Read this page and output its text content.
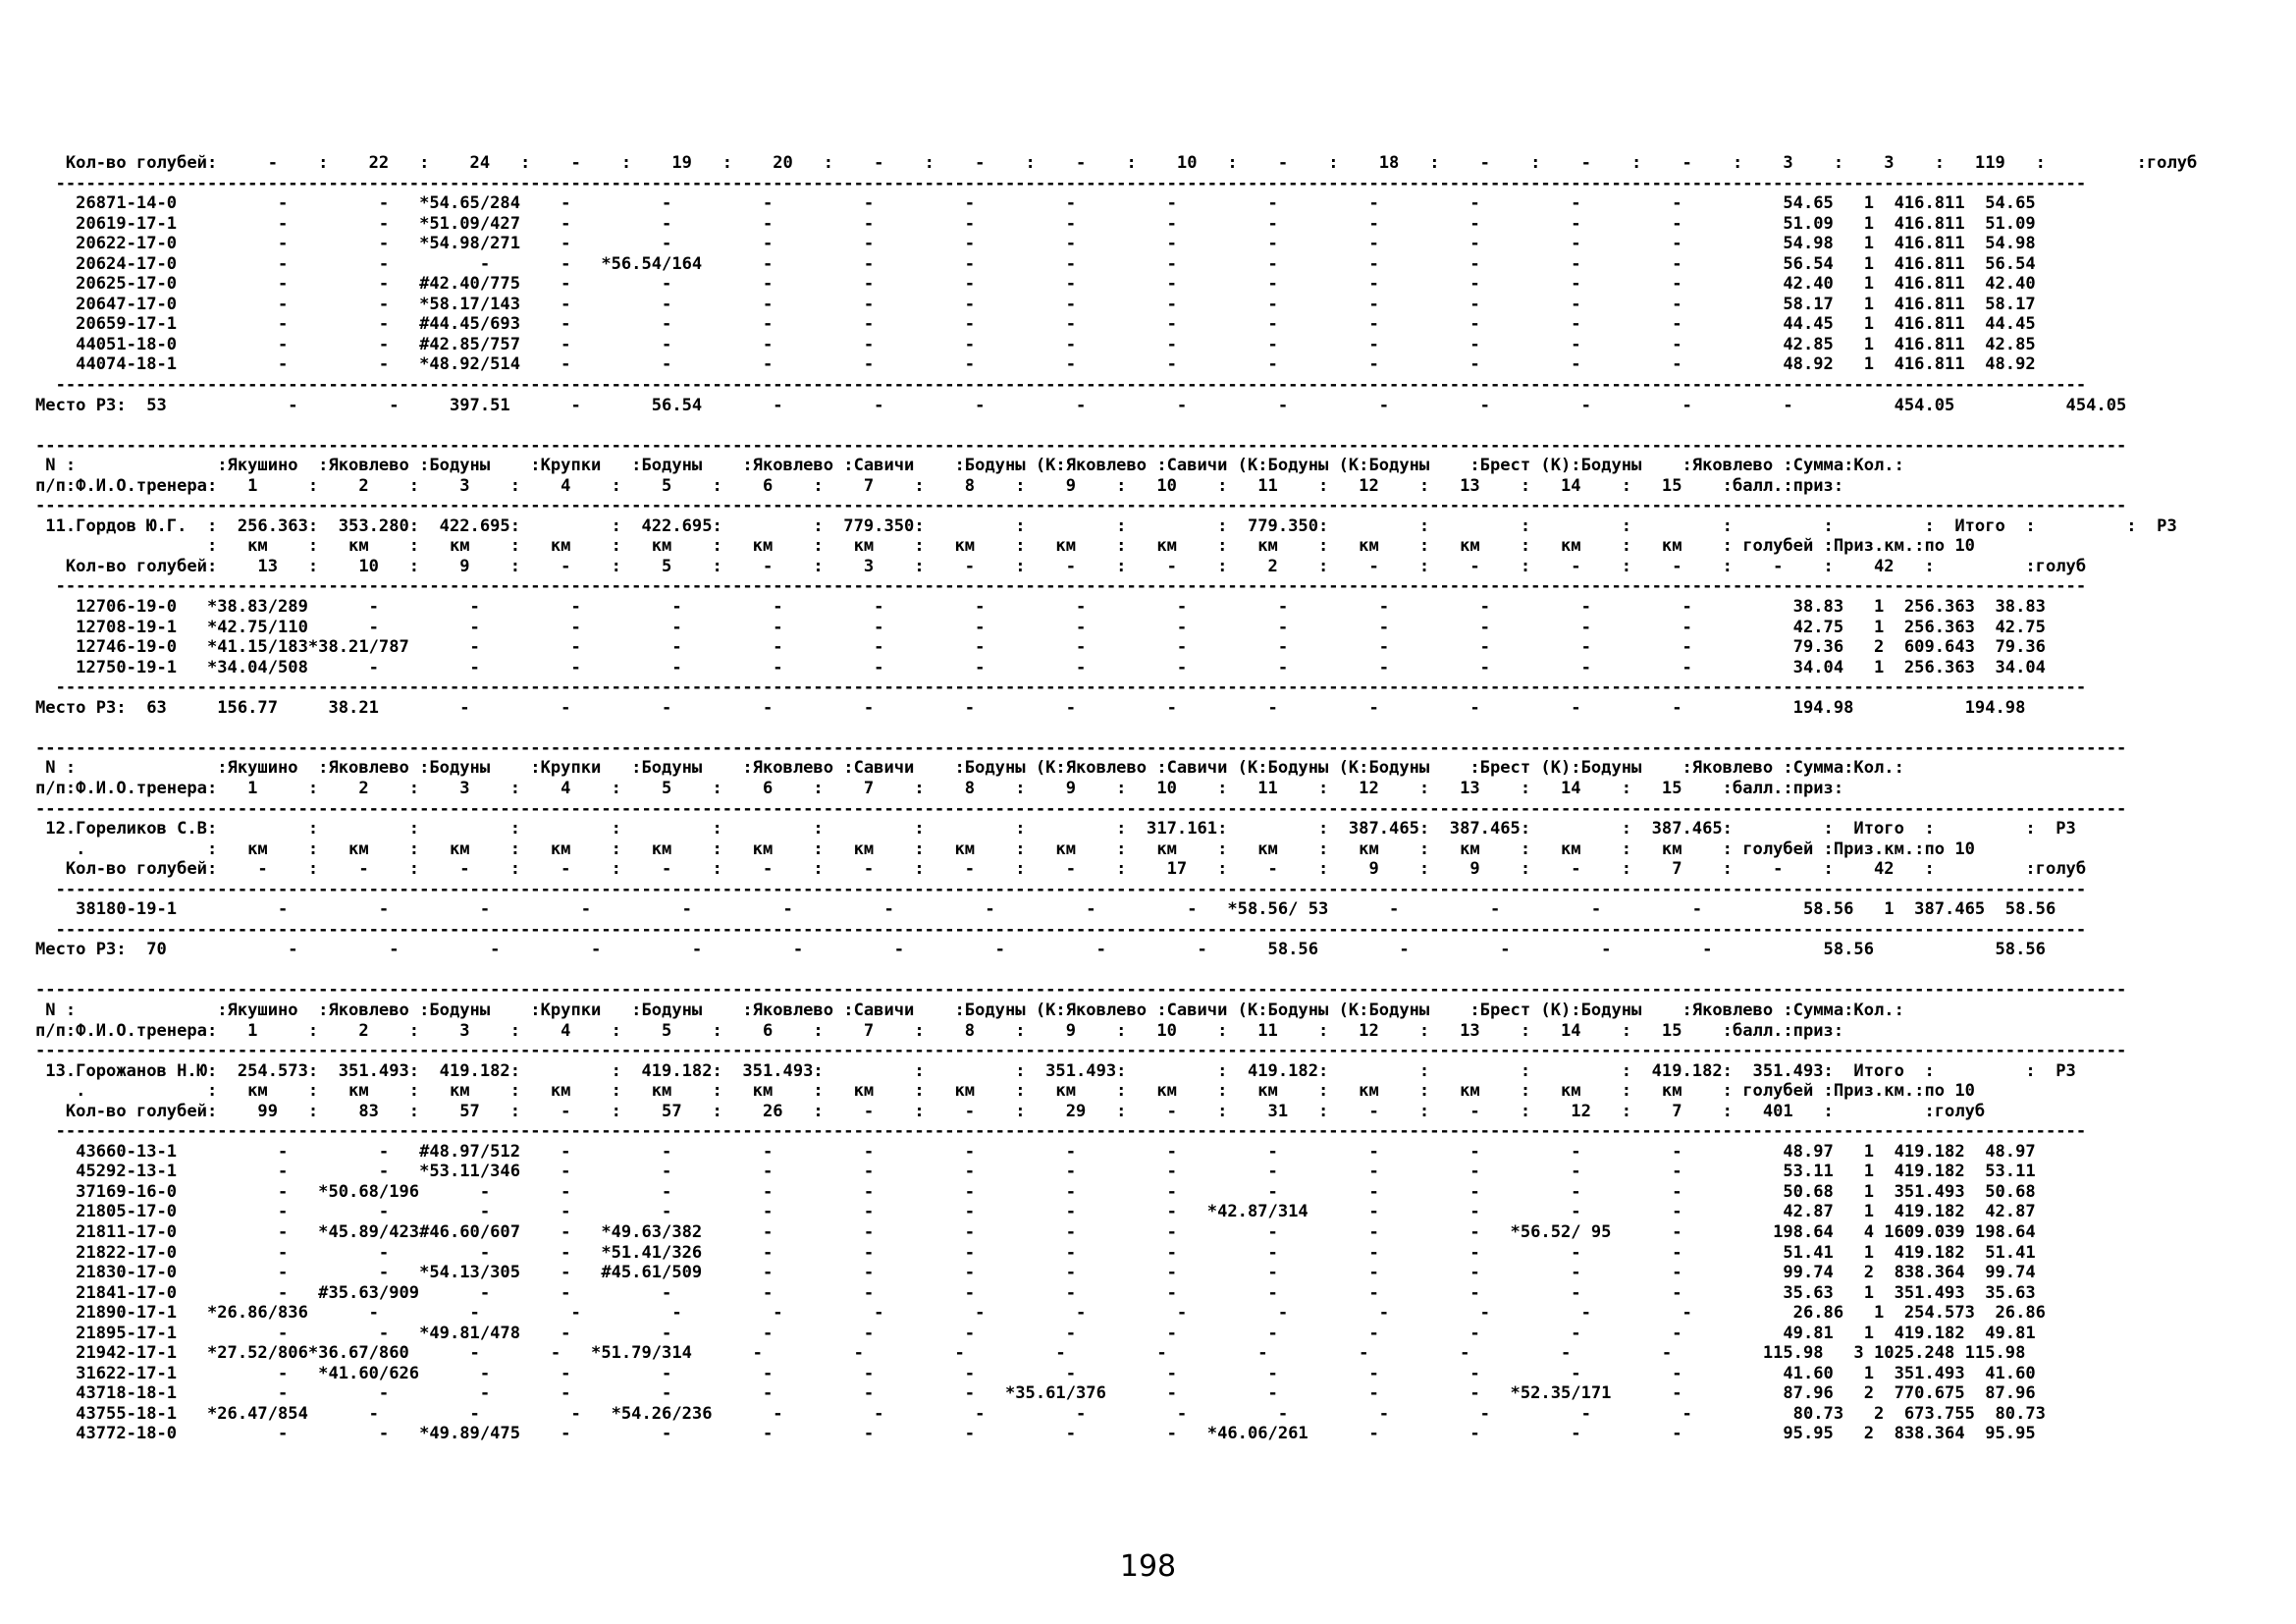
Кол-во голубей:     -    :    22   :    24   :    -    :    19   :    20   :    -    :    -    :    -    :    10   :    -    :    18   :    -    :    -    :    -    :    3    :    3    :   119   :         :голуб
---------------------------------------------------------------------------------------------------------------------------------------------------------------------------------------------------------
26871-14-0          -         -   *54.65/284    -         -         -         -         -         -         -         -         -         -         -         -          54.65   1  416.811  54.65
20619-17-1          -         -   *51.09/427    -         -         -         -         -         -         -         -         -         -         -         -          51.09   1  416.811  51.09
20622-17-0          -         -   *54.98/271    -         -         -         -         -         -         -         -         -         -         -         -          54.98   1  416.811  54.98
20624-17-0          -         -         -       -   *56.54/164      -         -         -         -         -         -         -         -         -         -          56.54   1  416.811  56.54
20625-17-0          -         -   #42.40/775    -         -         -         -         -         -         -         -         -         -         -         -          42.40   1  416.811  42.40
20647-17-0          -         -   *58.17/143    -         -         -         -         -         -         -         -         -         -         -         -          58.17   1  416.811  58.17
20659-17-1          -         -   #44.45/693    -         -         -         -         -         -         -         -         -         -         -         -          44.45   1  416.811  44.45
44051-18-0          -         -   #42.85/757    -         -         -         -         -         -         -         -         -         -         -         -          42.85   1  416.811  42.85
44074-18-1          -         -   *48.92/514    -         -         -         -         -         -         -         -         -         -         -         -          48.92   1  416.811  48.92
---------------------------------------------------------------------------------------------------------------------------------------------------------------------------------------------------------
Место РЗ:  53            -         -     397.51      -       56.54       -         -         -         -         -         -         -         -         -         -         -          454.05           454.05

---------------------------------------------------------------------------------------------------------------------------------------------------------------------------------------------------------------
N :              :Якушино  :Яковлево :Бодуны    :Крупки   :Бодуны    :Яковлево :Савичи    :Бодуны (К:Яковлево :Савичи (К:Бодуны (К:Бодуны    :Брест (К):Бодуны    :Яковлево :Сумма:Кол.:
п/п:Ф.И.О.тренера:   1     :    2    :    3    :    4    :    5    :    6    :    7    :    8    :    9    :   10    :   11    :   12    :   13    :   14    :   15    :балл.:приз:
---------------------------------------------------------------------------------------------------------------------------------------------------------------------------------------------------------------
11.Гордов Ю.Г.  :  256.363:  353.280:  422.695:         :  422.695:         :  779.350:         :         :         :  779.350:         :         :         :         :         :         :  Итого  :         :  РЗ
:   км    :   км    :   км    :   км    :   км    :   км    :   км    :   км    :   км    :   км    :   км    :   км    :   км    :   км    :   км    : голубей :Приз.км.:по 10
Кол-во голубей:    13   :    10   :    9    :    -    :    5    :    -    :    3    :    -    :    -    :    -    :    2    :    -    :    -    :    -    :    -    :    -    :    42   :         :голуб
---------------------------------------------------------------------------------------------------------------------------------------------------------------------------------------------------------
12706-19-0   *38.83/289      -         -         -         -         -         -         -         -         -         -         -         -         -         -          38.83   1  256.363  38.83
12708-19-1   *42.75/110      -         -         -         -         -         -         -         -         -         -         -         -         -         -          42.75   1  256.363  42.75
12746-19-0   *41.15/183*38.21/787      -         -         -         -         -         -         -         -         -         -         -         -         -          79.36   2  609.643  79.36
12750-19-1   *34.04/508      -         -         -         -         -         -         -         -         -         -         -         -         -         -          34.04   1  256.363  34.04
---------------------------------------------------------------------------------------------------------------------------------------------------------------------------------------------------------
Место РЗ:  63     156.77     38.21        -         -         -         -         -         -         -         -         -         -         -         -         -           194.98           194.98

---------------------------------------------------------------------------------------------------------------------------------------------------------------------------------------------------------------
N :              :Якушино  :Яковлево :Бодуны    :Крупки   :Бодуны    :Яковлево :Савичи    :Бодуны (К:Яковлево :Савичи (К:Бодуны (К:Бодуны    :Брест (К):Бодуны    :Яковлево :Сумма:Кол.:
п/п:Ф.И.О.тренера:   1     :    2    :    3    :    4    :    5    :    6    :    7    :    8    :    9    :   10    :   11    :   12    :   13    :   14    :   15    :балл.:приз:
---------------------------------------------------------------------------------------------------------------------------------------------------------------------------------------------------------------
12.Гореликов С.В:         :         :         :         :         :         :         :         :         :  317.161:         :  387.465:  387.465:         :  387.465:         :  Итого  :         :  РЗ
.            :   км    :   км    :   км    :   км    :   км    :   км    :   км    :   км    :   км    :   км    :   км    :   км    :   км    :   км    :   км    : голубей :Приз.км.:по 10
Кол-во голубей:    -    :    -    :    -    :    -    :    -    :    -    :    -    :    -    :    -    :    17   :    -    :    9    :    9    :    -    :    7    :    -    :    42   :         :голуб
---------------------------------------------------------------------------------------------------------------------------------------------------------------------------------------------------------
38180-19-1          -         -         -         -         -         -         -         -         -         -   *58.56/ 53      -         -         -         -          58.56   1  387.465  58.56
---------------------------------------------------------------------------------------------------------------------------------------------------------------------------------------------------------
Место РЗ:  70            -         -         -         -         -         -         -         -         -         -      58.56        -         -         -         -           58.56            58.56

---------------------------------------------------------------------------------------------------------------------------------------------------------------------------------------------------------------
N :              :Якушино  :Яковлево :Бодуны    :Крупки   :Бодуны    :Яковлево :Савичи    :Бодуны (К:Яковлево :Савичи (К:Бодуны (К:Бодуны    :Брест (К):Бодуны    :Яковлево :Сумма:Кол.:
п/п:Ф.И.О.тренера:   1     :    2    :    3    :    4    :    5    :    6    :    7    :    8    :    9    :   10    :   11    :   12    :   13    :   14    :   15    :балл.:приз:
---------------------------------------------------------------------------------------------------------------------------------------------------------------------------------------------------------------
13.Горожанов Н.Ю:  254.573:  351.493:  419.182:         :  419.182:  351.493:         :         :  351.493:         :  419.182:         :         :         :  419.182:  351.493:  Итого  :         :  РЗ
.            :   км    :   км    :   км    :   км    :   км    :   км    :   км    :   км    :   км    :   км    :   км    :   км    :   км    :   км    :   км    : голубей :Приз.км.:по 10
Кол-во голубей:    99   :    83   :    57   :    -    :    57   :    26   :    -    :    -    :    29   :    -    :    31   :    -    :    -    :    12   :    7    :   401   :         :голуб
---------------------------------------------------------------------------------------------------------------------------------------------------------------------------------------------------------
43660-13-1          -         -   #48.97/512    -         -         -         -         -         -         -         -         -         -         -         -          48.97   1  419.182  48.97
45292-13-1          -         -   *53.11/346    -         -         -         -         -         -         -         -         -         -         -         -          53.11   1  419.182  53.11
37169-16-0          -   *50.68/196      -       -         -         -         -         -         -         -         -         -         -         -         -          50.68   1  351.493  50.68
21805-17-0          -         -         -       -         -         -         -         -         -         -   *42.87/314      -         -         -         -          42.87   1  419.182  42.87
21811-17-0          -   *45.89/423#46.60/607    -   *49.63/382      -         -         -         -         -         -         -         -   *56.52/ 95      -         198.64   4 1609.039 198.64
21822-17-0          -         -         -       -   *51.41/326      -         -         -         -         -         -         -         -         -         -          51.41   1  419.182  51.41
21830-17-0          -         -   *54.13/305    -   #45.61/509      -         -         -         -         -         -         -         -         -         -          99.74   2  838.364  99.74
21841-17-0          -   #35.63/909      -       -         -         -         -         -         -         -         -         -         -         -         -          35.63   1  351.493  35.63
21890-17-1   *26.86/836      -         -         -         -         -         -         -         -         -         -         -         -         -         -          26.86   1  254.573  26.86
21895-17-1          -         -   *49.81/478    -         -         -         -         -         -         -         -         -         -         -         -          49.81   1  419.182  49.81
21942-17-1   *27.52/806*36.67/860      -       -   *51.79/314      -         -         -         -         -         -         -         -         -         -         115.98   3 1025.248 115.98
31622-17-1          -   *41.60/626      -       -         -         -         -         -         -         -         -         -         -         -         -          41.60   1  351.493  41.60
43718-18-1          -         -         -       -         -         -         -         -   *35.61/376      -         -         -         -   *52.35/171      -          87.96   2  770.675  87.96
43755-18-1   *26.47/854      -         -         -   *54.26/236      -         -         -         -         -         -         -         -         -         -          80.73   2  673.755  80.73
43772-18-0          -         -   *49.89/475    -         -         -         -         -         -         -   *46.06/261      -         -         -         -          95.95   2  838.364  95.95
198
